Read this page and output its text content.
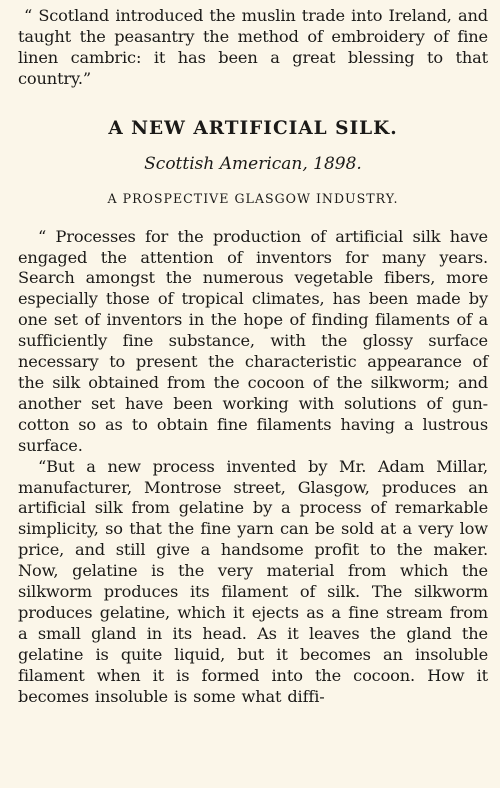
“ Scotland introduced the muslin trade into Ireland, and taught the peasantry the method of embroidery of fine linen cambric: it has been a great blessing to that country.”

A NEW ARTIFICIAL SILK.
Scottish American, 1898.
A PROSPECTIVE GLASGOW INDUSTRY.

“ Processes for the production of artificial silk have engaged the attention of inventors for many years. Search amongst the numerous vegetable fibers, more especially those of tropical climates, has been made by one set of inventors in the hope of finding filaments of a sufficiently fine substance, with the glossy surface necessary to present the characteristic appearance of the silk obtained from the cocoon of the silkworm; and another set have been working with solutions of gun-cotton so as to obtain fine filaments having a lustrous surface.

“But a new process invented by Mr. Adam Millar, manufacturer, Montrose street, Glasgow, produces an artificial silk from gelatine by a process of remarkable simplicity, so that the fine yarn can be sold at a very low price, and still give a handsome profit to the maker. Now, gelatine is the very material from which the silkworm produces its filament of silk. The silkworm produces gelatine, which it ejects as a fine stream from a small gland in its head. As it leaves the gland the gelatine is quite liquid, but it becomes an insoluble filament when it is formed into the cocoon. How it becomes insoluble is some what diffi-
